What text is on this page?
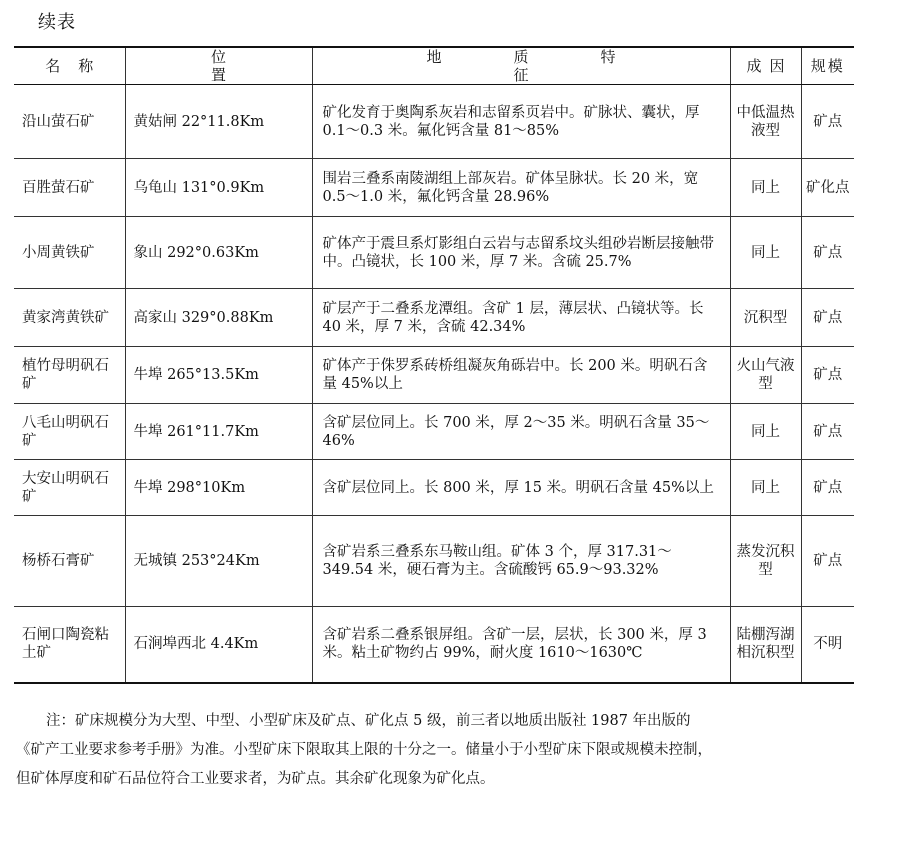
续表
名称	位置	地质特征	成因	规模
沿山萤石矿	黄姑闸 22°11.8Km	矿化发育于奥陶系灰岩和志留系页岩中。矿脉状、囊状，厚 0.1～0.3 米。氟化钙含量 81～85%	中低温热液型	矿点
百胜萤石矿	乌龟山 131°0.9Km	围岩三叠系南陵湖组上部灰岩。矿体呈脉状。长 20 米，宽 0.5～1.0 米，氟化钙含量 28.96%	同上	矿化点
小周黄铁矿	象山 292°0.63Km	矿体产于震旦系灯影组白云岩与志留系坟头组砂岩断层接触带中。凸镜状，长 100 米，厚 7 米。含硫 25.7%	同上	矿点
黄家湾黄铁矿	高家山 329°0.88Km	矿层产于二叠系龙潭组。含矿 1 层，薄层状、凸镜状等。长 40 米，厚 7 米，含硫 42.34%	沉积型	矿点
植竹母明矾石矿	牛埠 265°13.5Km	矿体产于侏罗系砖桥组凝灰角砾岩中。长 200 米。明矾石含量 45%以上	火山气液型	矿点
八毛山明矾石矿	牛埠 261°11.7Km	含矿层位同上。长 700 米，厚 2～35 米。明矾石含量 35～46%	同上	矿点
大安山明矾石矿	牛埠 298°10Km	含矿层位同上。长 800 米，厚 15 米。明矾石含量 45%以上	同上	矿点
杨桥石膏矿	无城镇 253°24Km	含矿岩系三叠系东马鞍山组。矿体 3 个，厚 317.31～349.54 米，硬石膏为主。含硫酸钙 65.9～93.32%	蒸发沉积型	矿点
石闸口陶瓷粘土矿	石涧埠西北 4.4Km	含矿岩系二叠系银屏组。含矿一层，层状，长 300 米，厚 3 米。粘土矿物约占 99%，耐火度 1610～1630℃	陆棚泻湖相沉积型	不明
注：矿床规模分为大型、中型、小型矿床及矿点、矿化点 5 级，前三者以地质出版社 1987 年出版的
《矿产工业要求参考手册》为准。小型矿床下限取其上限的十分之一。储量小于小型矿床下限或规模未控制，
但矿体厚度和矿石品位符合工业要求者，为矿点。其余矿化现象为矿化点。
